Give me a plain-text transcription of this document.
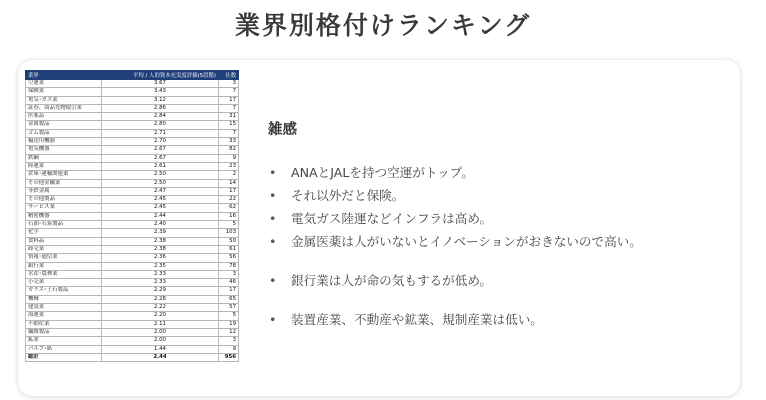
業界別格付けランキング
業界	平均 / 人的資本充実度評価(5段階)	社数
空運業	3.67	3
保険業	3.43	7
電気･ガス業	3.12	17
証券、商品先物取引業	2.86	7
医薬品	2.84	31
金属製品	2.80	15
ゴム製品	2.71	7
輸送用機器	2.70	33
電気機器	2.67	82
鉄鋼	2.67	9
陸運業	2.61	23
倉庫･運輸関連業	2.50	2
その他金融業	2.50	14
非鉄金属	2.47	17
その他製品	2.45	22
サービス業	2.45	62
精密機器	2.44	16
石油･石炭製品	2.40	5
化学	2.39	103
食料品	2.38	50
卸売業	2.38	61
情報･通信業	2.36	56
銀行業	2.35	78
水産･農林業	2.33	3
小売業	2.33	46
ガラス･土石製品	2.29	17
機械	2.28	65
建設業	2.22	57
海運業	2.20	5
不動産業	2.11	19
繊維製品	2.00	12
鉱業	2.00	3
パルプ･紙	1.44	9
総計	2.44	956
雑感
• ANAとJALを持つ空運がトップ。
• それ以外だと保険。
• 電気ガス陸運などインフラは高め。
• 金属医薬は人がいないとイノベーションがおきないので高い。
• 銀行業は人が命の気もするが低め。
• 装置産業、不動産や鉱業、規制産業は低い。
